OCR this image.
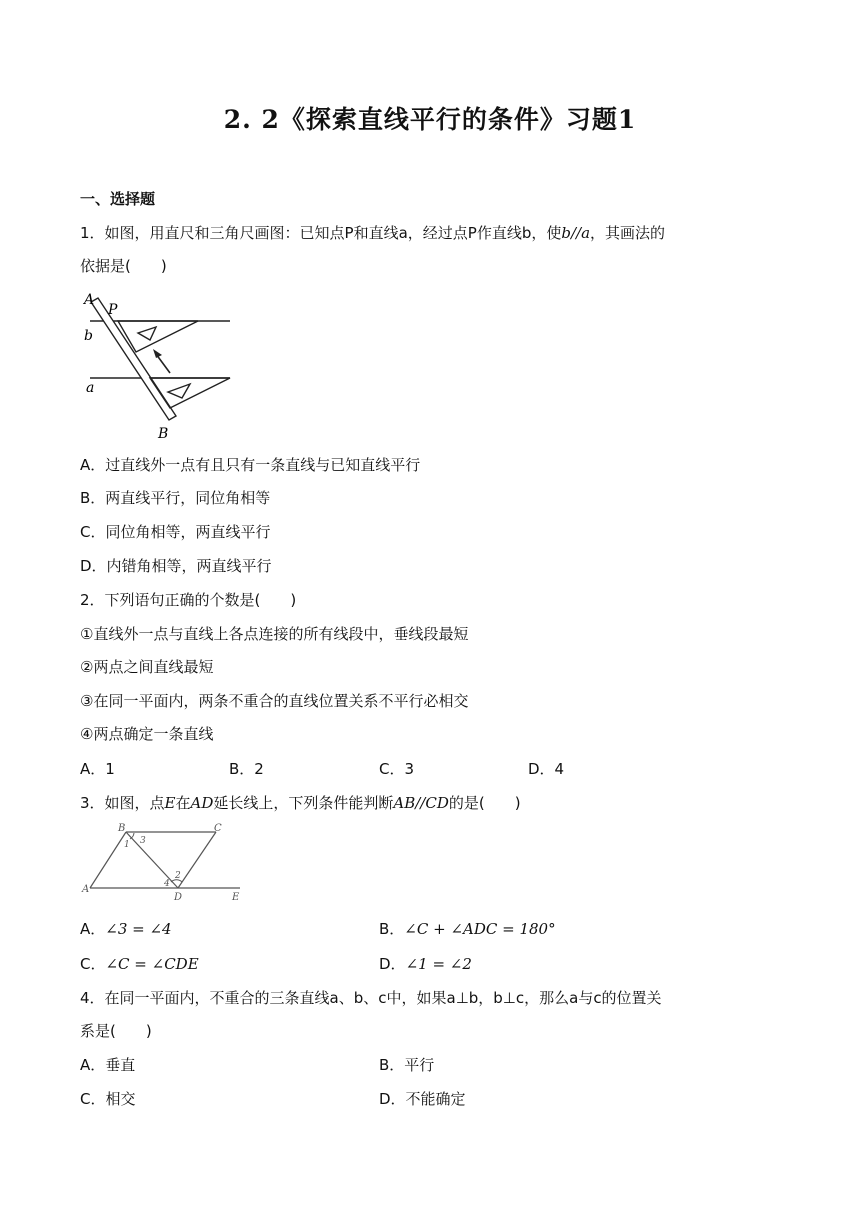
2. 2《探索直线平行的条件》习题1
一、选择题
1．如图，用直尺和三角尺画图：已知点P和直线a，经过点P作直线b，使b//a，其画法的
依据是(　　)
A
P
b
a
B
A．过直线外一点有且只有一条直线与已知直线平行
B．两直线平行，同位角相等
C．同位角相等，两直线平行
D．内错角相等，两直线平行
2．下列语句正确的个数是(　　)
①直线外一点与直线上各点连接的所有线段中，垂线段最短
②两点之间直线最短
③在同一平面内，两条不重合的直线位置关系不平行必相交
④两点确定一条直线
A．1	B．2	C．3	D．4
3．如图，点E在AD延长线上，下列条件能判断AB//CD的是(　　)
B	C
A
D	E
1
2
3
4
A．∠3 = ∠4	B．∠C + ∠ADC = 180°
C．∠C = ∠CDE	D．∠1 = ∠2
4．在同一平面内，不重合的三条直线a、b、c中，如果a⊥b，b⊥c，那么a与c的位置关
系是(　　)
A．垂直	B．平行
C．相交	D．不能确定
